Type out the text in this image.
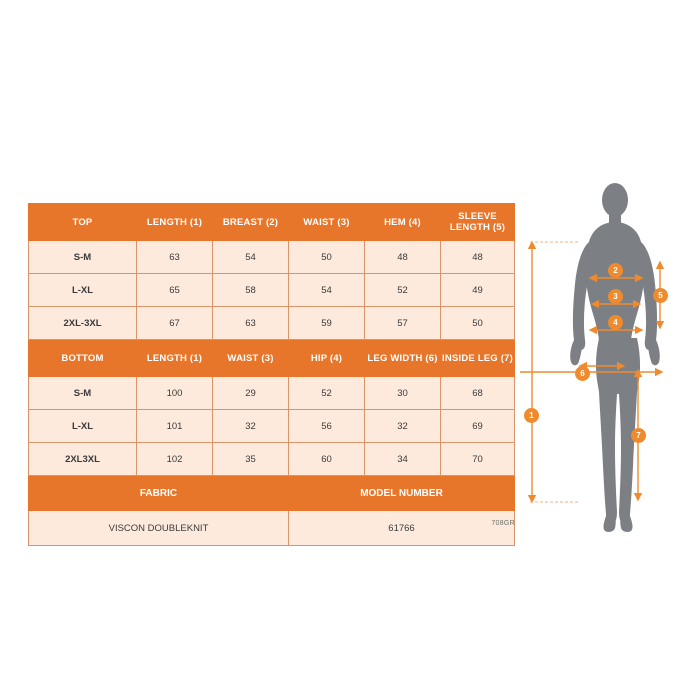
TOP	LENGTH (1)	BREAST (2)	WAIST (3)	HEM (4)	SLEEVE LENGTH (5)
S-M	63	54	50	48	48
L-XL	65	58	54	52	49
2XL-3XL	67	63	59	57	50
BOTTOM	LENGTH (1)	WAIST (3)	HIP (4)	LEG WIDTH (6)	INSIDE LEG (7)
S-M	100	29	52	30	68
L-XL	101	32	56	32	69
2XL3XL	102	35	60	34	70
FABRIC			MODEL NUMBER		
VISCON DOUBLEKNIT			61766			708GR
1
2
3
4
5
6
7
